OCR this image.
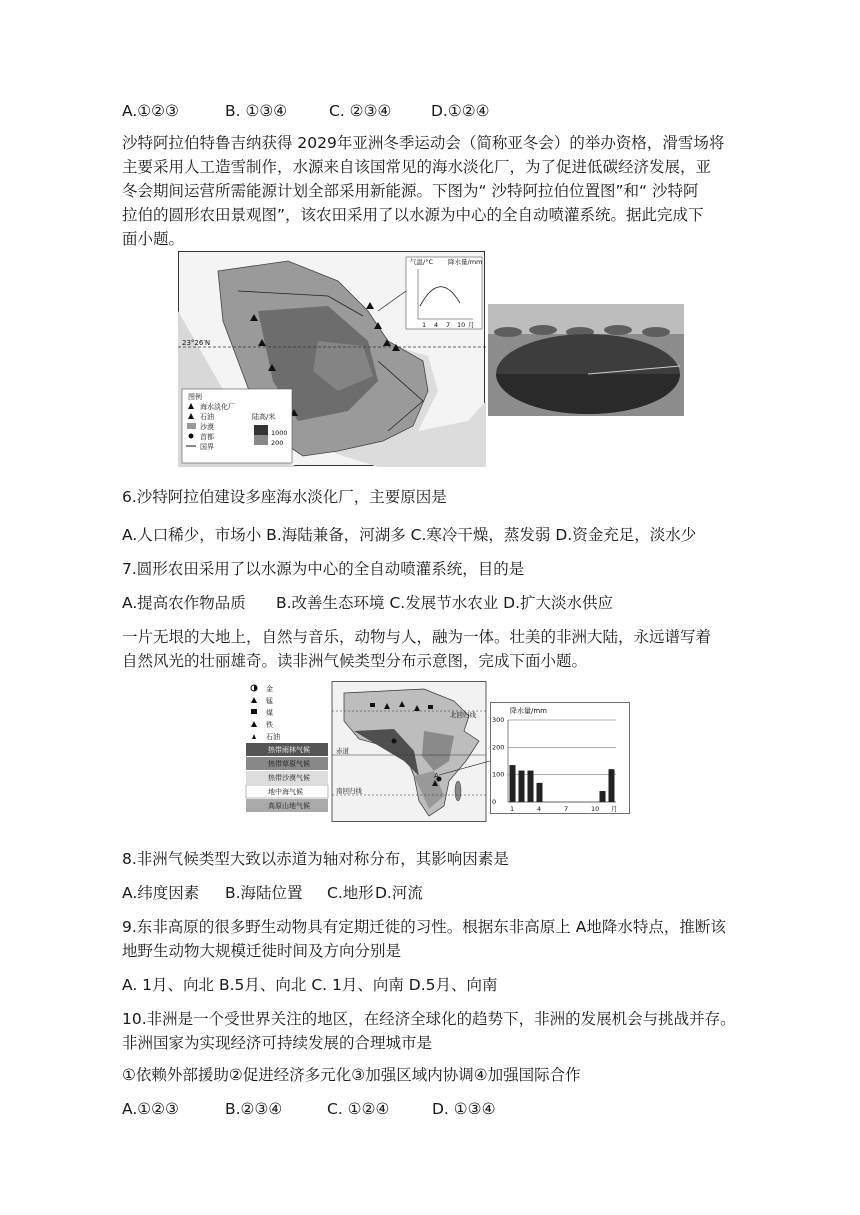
A.①②③	B. ①③④	C. ②③④	D.①②④
沙特阿拉伯特鲁吉纳获得 2029年亚洲冬季运动会（简称亚冬会）的举办资格，滑雪场将
主要采用人工造雪制作，水源来自该国常见的海水淡化厂，为了促进低碳经济发展，亚
冬会期间运营所需能源计划全部采用新能源。下图为“ 沙特阿拉伯位置图”和“ 沙特阿
拉伯的圆形农田景观图”，该农田采用了以水源为中心的全自动喷灌系统。据此完成下
面小题。
23°26′N
气温/°C 降水量/mm
1 4 7 10 月
图例
海水淡化厂
石油
沙漠
首都
国界
陆高/米
1000
200
6.沙特阿拉伯建设多座海水淡化厂，主要原因是
A.人口稀少，市场小 B.海陆兼备，河湖多 C.寒冷干燥，蒸发弱 D.资金充足，淡水少
7.圆形农田采用了以水源为中心的全自动喷灌系统，目的是
A.提高农作物品质 B.改善生态环境 C.发展节水农业 D.扩大淡水供应
一片无垠的大地上，自然与音乐，动物与人，融为一体。壮美的非洲大陆，永远谱写着
自然风光的壮丽雄奇。读非洲气候类型分布示意图，完成下面小题。
金
锰
煤
铁
石油
热带雨林气候
热带草原气候
热带沙漠气候
地中海气候
高原山地气候
北回归线
赤道
南回归线
A
降水量/mm
300
200
100
0
1	4	7	10 月
8.非洲气候类型大致以赤道为轴对称分布，其影响因素是
A.纬度因素 B.海陆位置 C.地形D.河流
9.东非高原的很多野生动物具有定期迁徙的习性。根据东非高原上 A地降水特点，推断该
地野生动物大规模迁徙时间及方向分别是
A. 1月、向北 B.5月、向北 C. 1月、向南 D.5月、向南
10.非洲是一个受世界关注的地区，在经济全球化的趋势下，非洲的发展机会与挑战并存。
非洲国家为实现经济可持续发展的合理城市是
①依赖外部援助②促进经济多元化③加强区域内协调④加强国际合作
A.①②③	B.②③④	C. ①②④	D. ①③④
